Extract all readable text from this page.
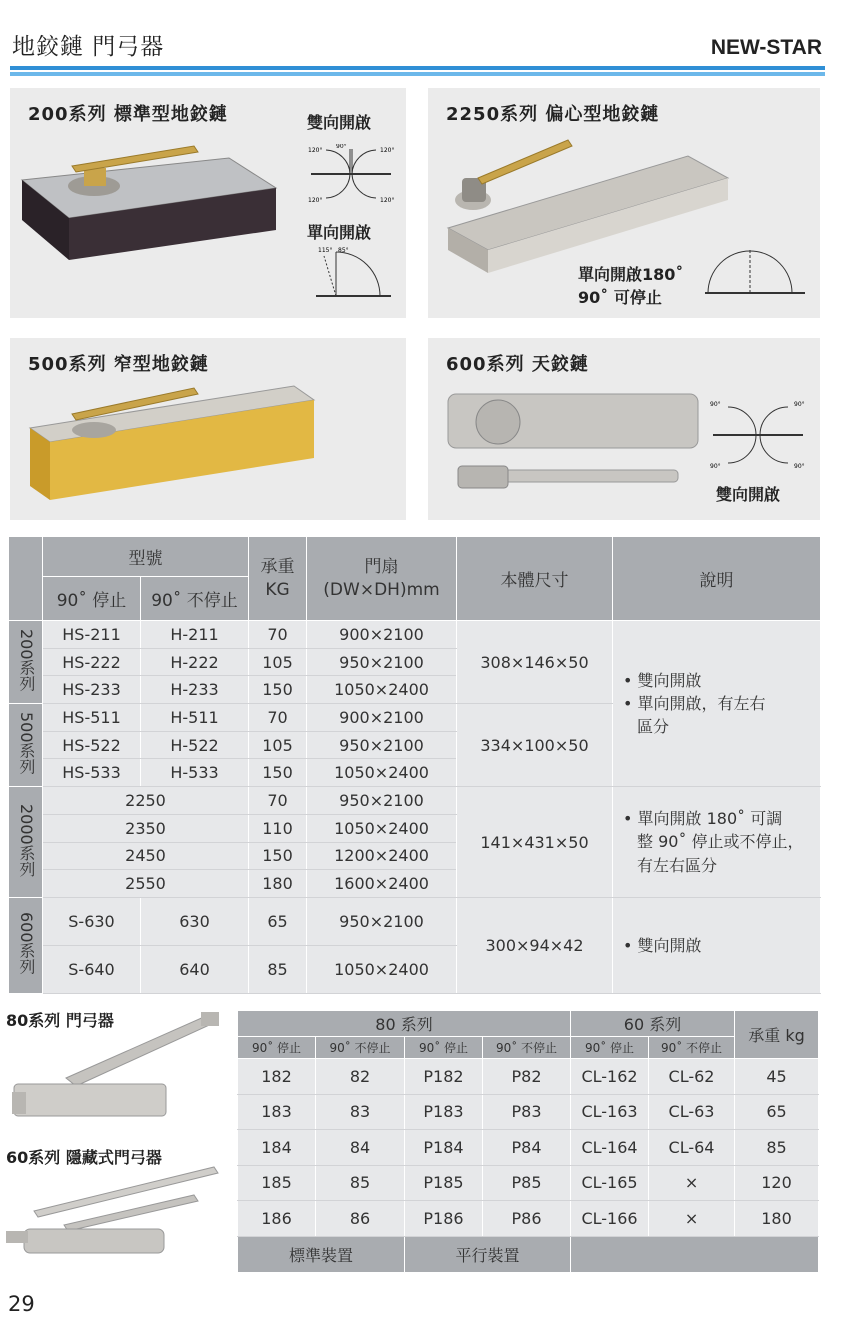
地鉸鏈 門弓器	NEW-STAR
200系列 標準型地鉸鏈	雙向開啟
120°
90°
120°
120°	120°
單向開啟
115° 85°
2250系列 偏心型地鉸鏈
單向開啟180˚
90˚ 可停止
500系列 窄型地鉸鏈	600系列 天鉸鏈
90°	90°
90°	90°
雙向開啟
	型號		承重 KG	門扇 (DW×DH)mm	本體尺寸	說明
	90˚ 停止	90˚ 不停止				
200系列	HS-211	H-211	70	900×2100	308×146×50	• 雙向開啟
• 單向開啟，有左右
區分

	HS-222	H-222	105	950×2100		
	HS-233	H-233	150	1050×2400		
500系列	HS-511	H-511	70	900×2100	334×100×50	
	HS-522	H-522	105	950×2100		
	HS-533	H-533	150	1050×2400		
2000系列	2250		70	950×2100	141×431×50	• 單向開啟 180˚ 可調
整 90˚ 停止或不停止，
有左右區分

	2350		110	1050×2400		
	2450		150	1200×2400		
	2550		180	1600×2400		
600系列	S-630	630	65	950×2100	300×94×42	• 雙向開啟

	S-640	640	85	1050×2400		
80系列 門弓器
60系列 隱藏式門弓器
80 系列				60 系列		承重 kg
90˚ 停止	90˚ 不停止	90˚ 停止	90˚ 不停止	90˚ 停止	90˚ 不停止	
182	82	P182	P82	CL-162	CL-62	45
183	83	P183	P83	CL-163	CL-63	65
184	84	P184	P84	CL-164	CL-64	85
185	85	P185	P85	CL-165	×	120
186	86	P186	P86	CL-166	×	180
標準裝置		平行裝置				
29
